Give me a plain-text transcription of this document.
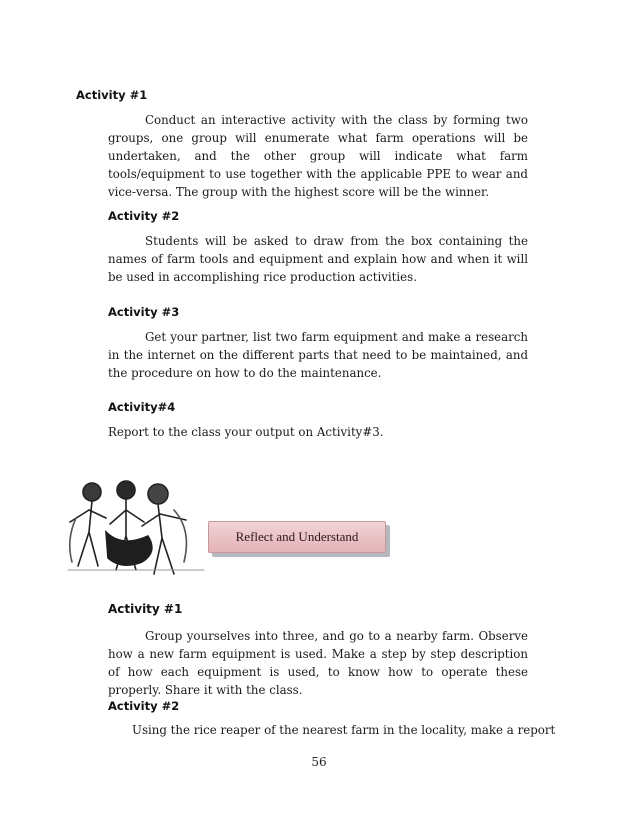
Activity #1
Conduct an interactive activity with the class by forming two groups, one group will enumerate what farm operations will be undertaken, and the other group will indicate what farm tools/equipment to use together with the applicable PPE to wear and vice-versa. The group with the highest score will be the winner.
Activity #2
Students will be asked to draw from the box containing the names of farm tools and equipment and explain how and when it will be used in accomplishing rice production activities.
Activity #3
Get your partner, list two farm equipment and make a research in the internet on the different parts that need to be maintained, and the procedure on how to do the maintenance.
Activity#4
Report to the class your output on Activity#3.
Reflect and Understand
Activity #1
Group yourselves into three, and go to a nearby farm. Observe how a new farm equipment is used. Make a step by step description of how each equipment is used, to know how to operate these properly. Share it with the class.
Activity #2
Using the rice reaper of the nearest farm in the locality, make a report
56
